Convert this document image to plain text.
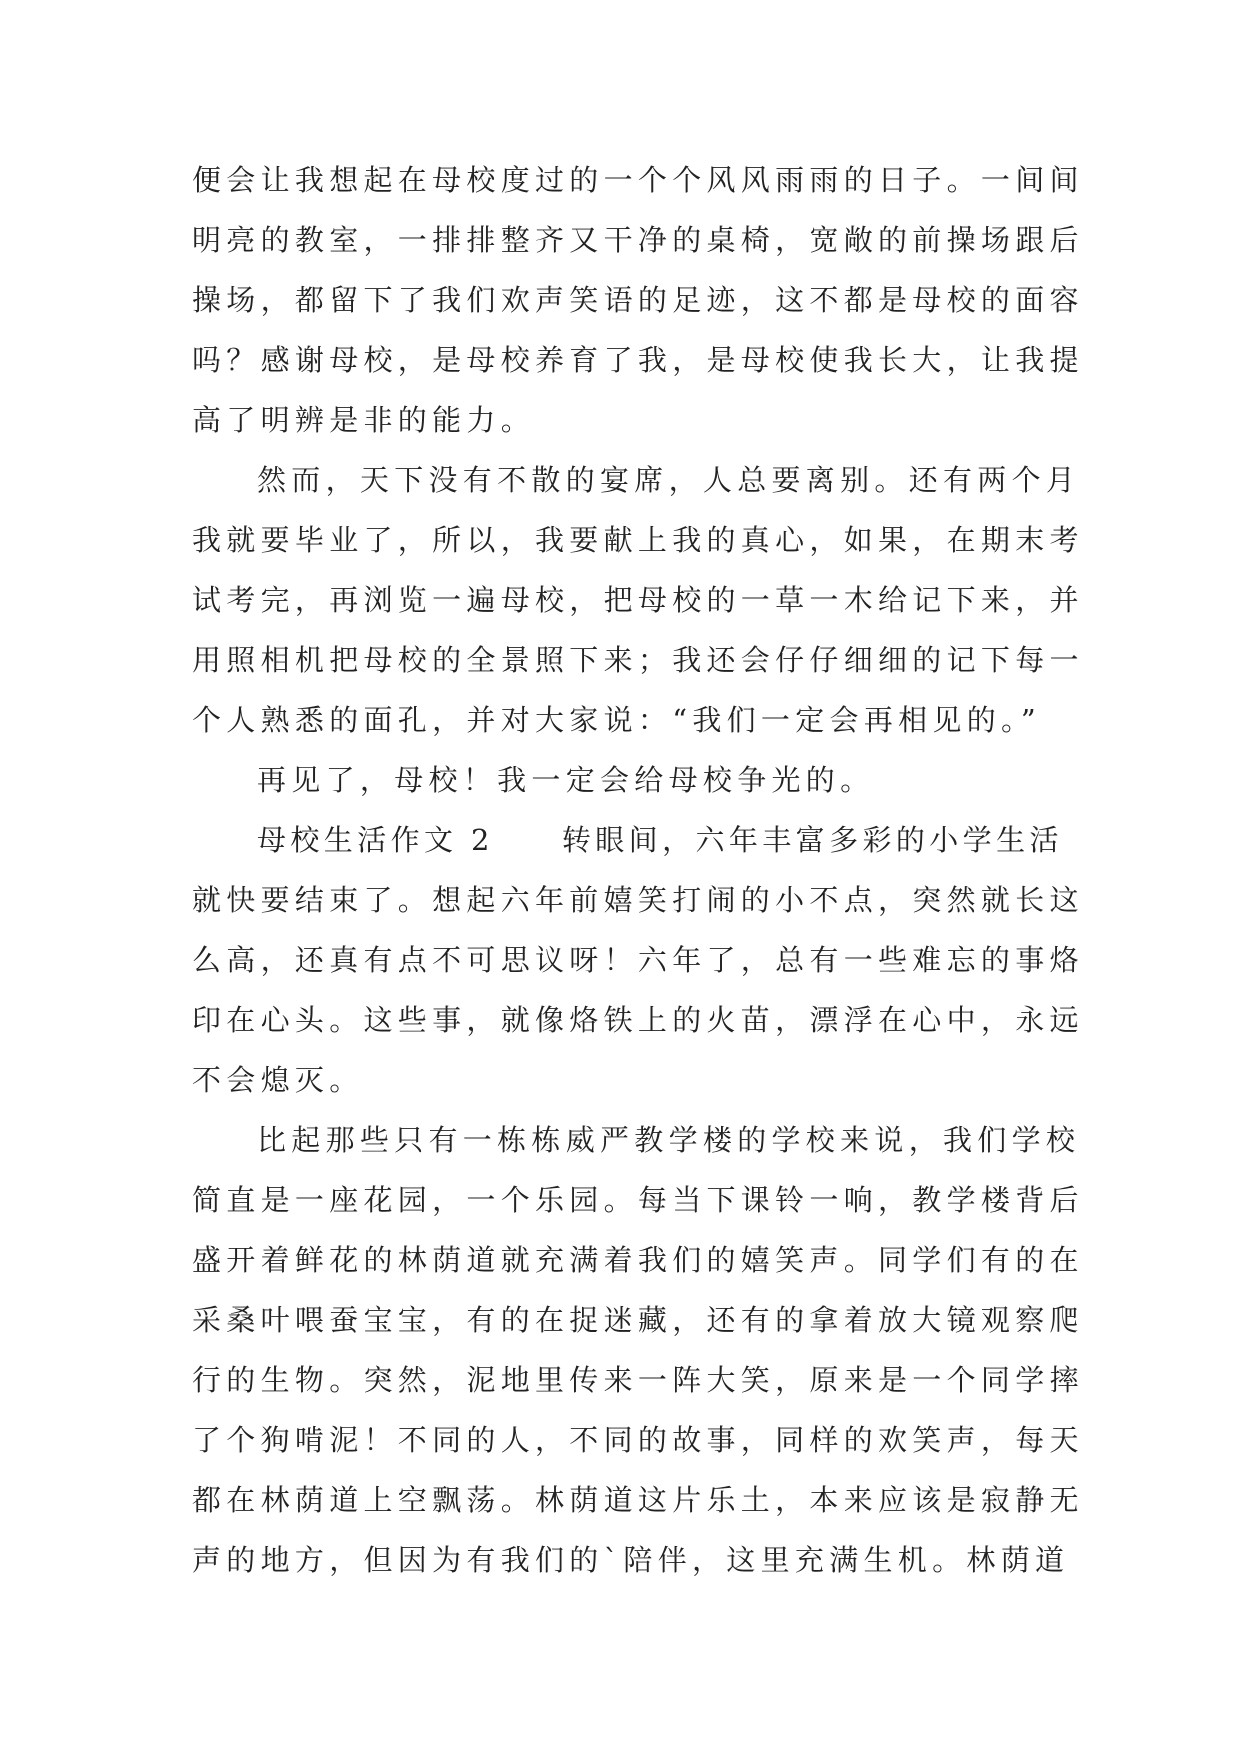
便会让我想起在母校度过的一个个风风雨雨的日子。一间间
明亮的教室，一排排整齐又干净的桌椅，宽敞的前操场跟后
操场，都留下了我们欢声笑语的足迹，这不都是母校的面容
吗？感谢母校，是母校养育了我，是母校使我长大，让我提
高了明辨是非的能力。
然而，天下没有不散的宴席，人总要离别。还有两个月
我就要毕业了，所以，我要献上我的真心，如果，在期末考
试考完，再浏览一遍母校，把母校的一草一木给记下来，并
用照相机把母校的全景照下来；我还会仔仔细细的记下每一
个人熟悉的面孔，并对大家说：“我们一定会再相见的。”
再见了，母校！我一定会给母校争光的。
母校生活作文 2 转眼间，六年丰富多彩的小学生活
就快要结束了。想起六年前嬉笑打闹的小不点，突然就长这
么高，还真有点不可思议呀！六年了，总有一些难忘的事烙
印在心头。这些事，就像烙铁上的火苗，漂浮在心中，永远
不会熄灭。
比起那些只有一栋栋威严教学楼的学校来说，我们学校
简直是一座花园，一个乐园。每当下课铃一响，教学楼背后
盛开着鲜花的林荫道就充满着我们的嬉笑声。同学们有的在
采桑叶喂蚕宝宝，有的在捉迷藏，还有的拿着放大镜观察爬
行的生物。突然，泥地里传来一阵大笑，原来是一个同学摔
了个狗啃泥！不同的人，不同的故事，同样的欢笑声，每天
都在林荫道上空飘荡。林荫道这片乐土，本来应该是寂静无
声的地方，但因为有我们的`陪伴，这里充满生机。林荫道
